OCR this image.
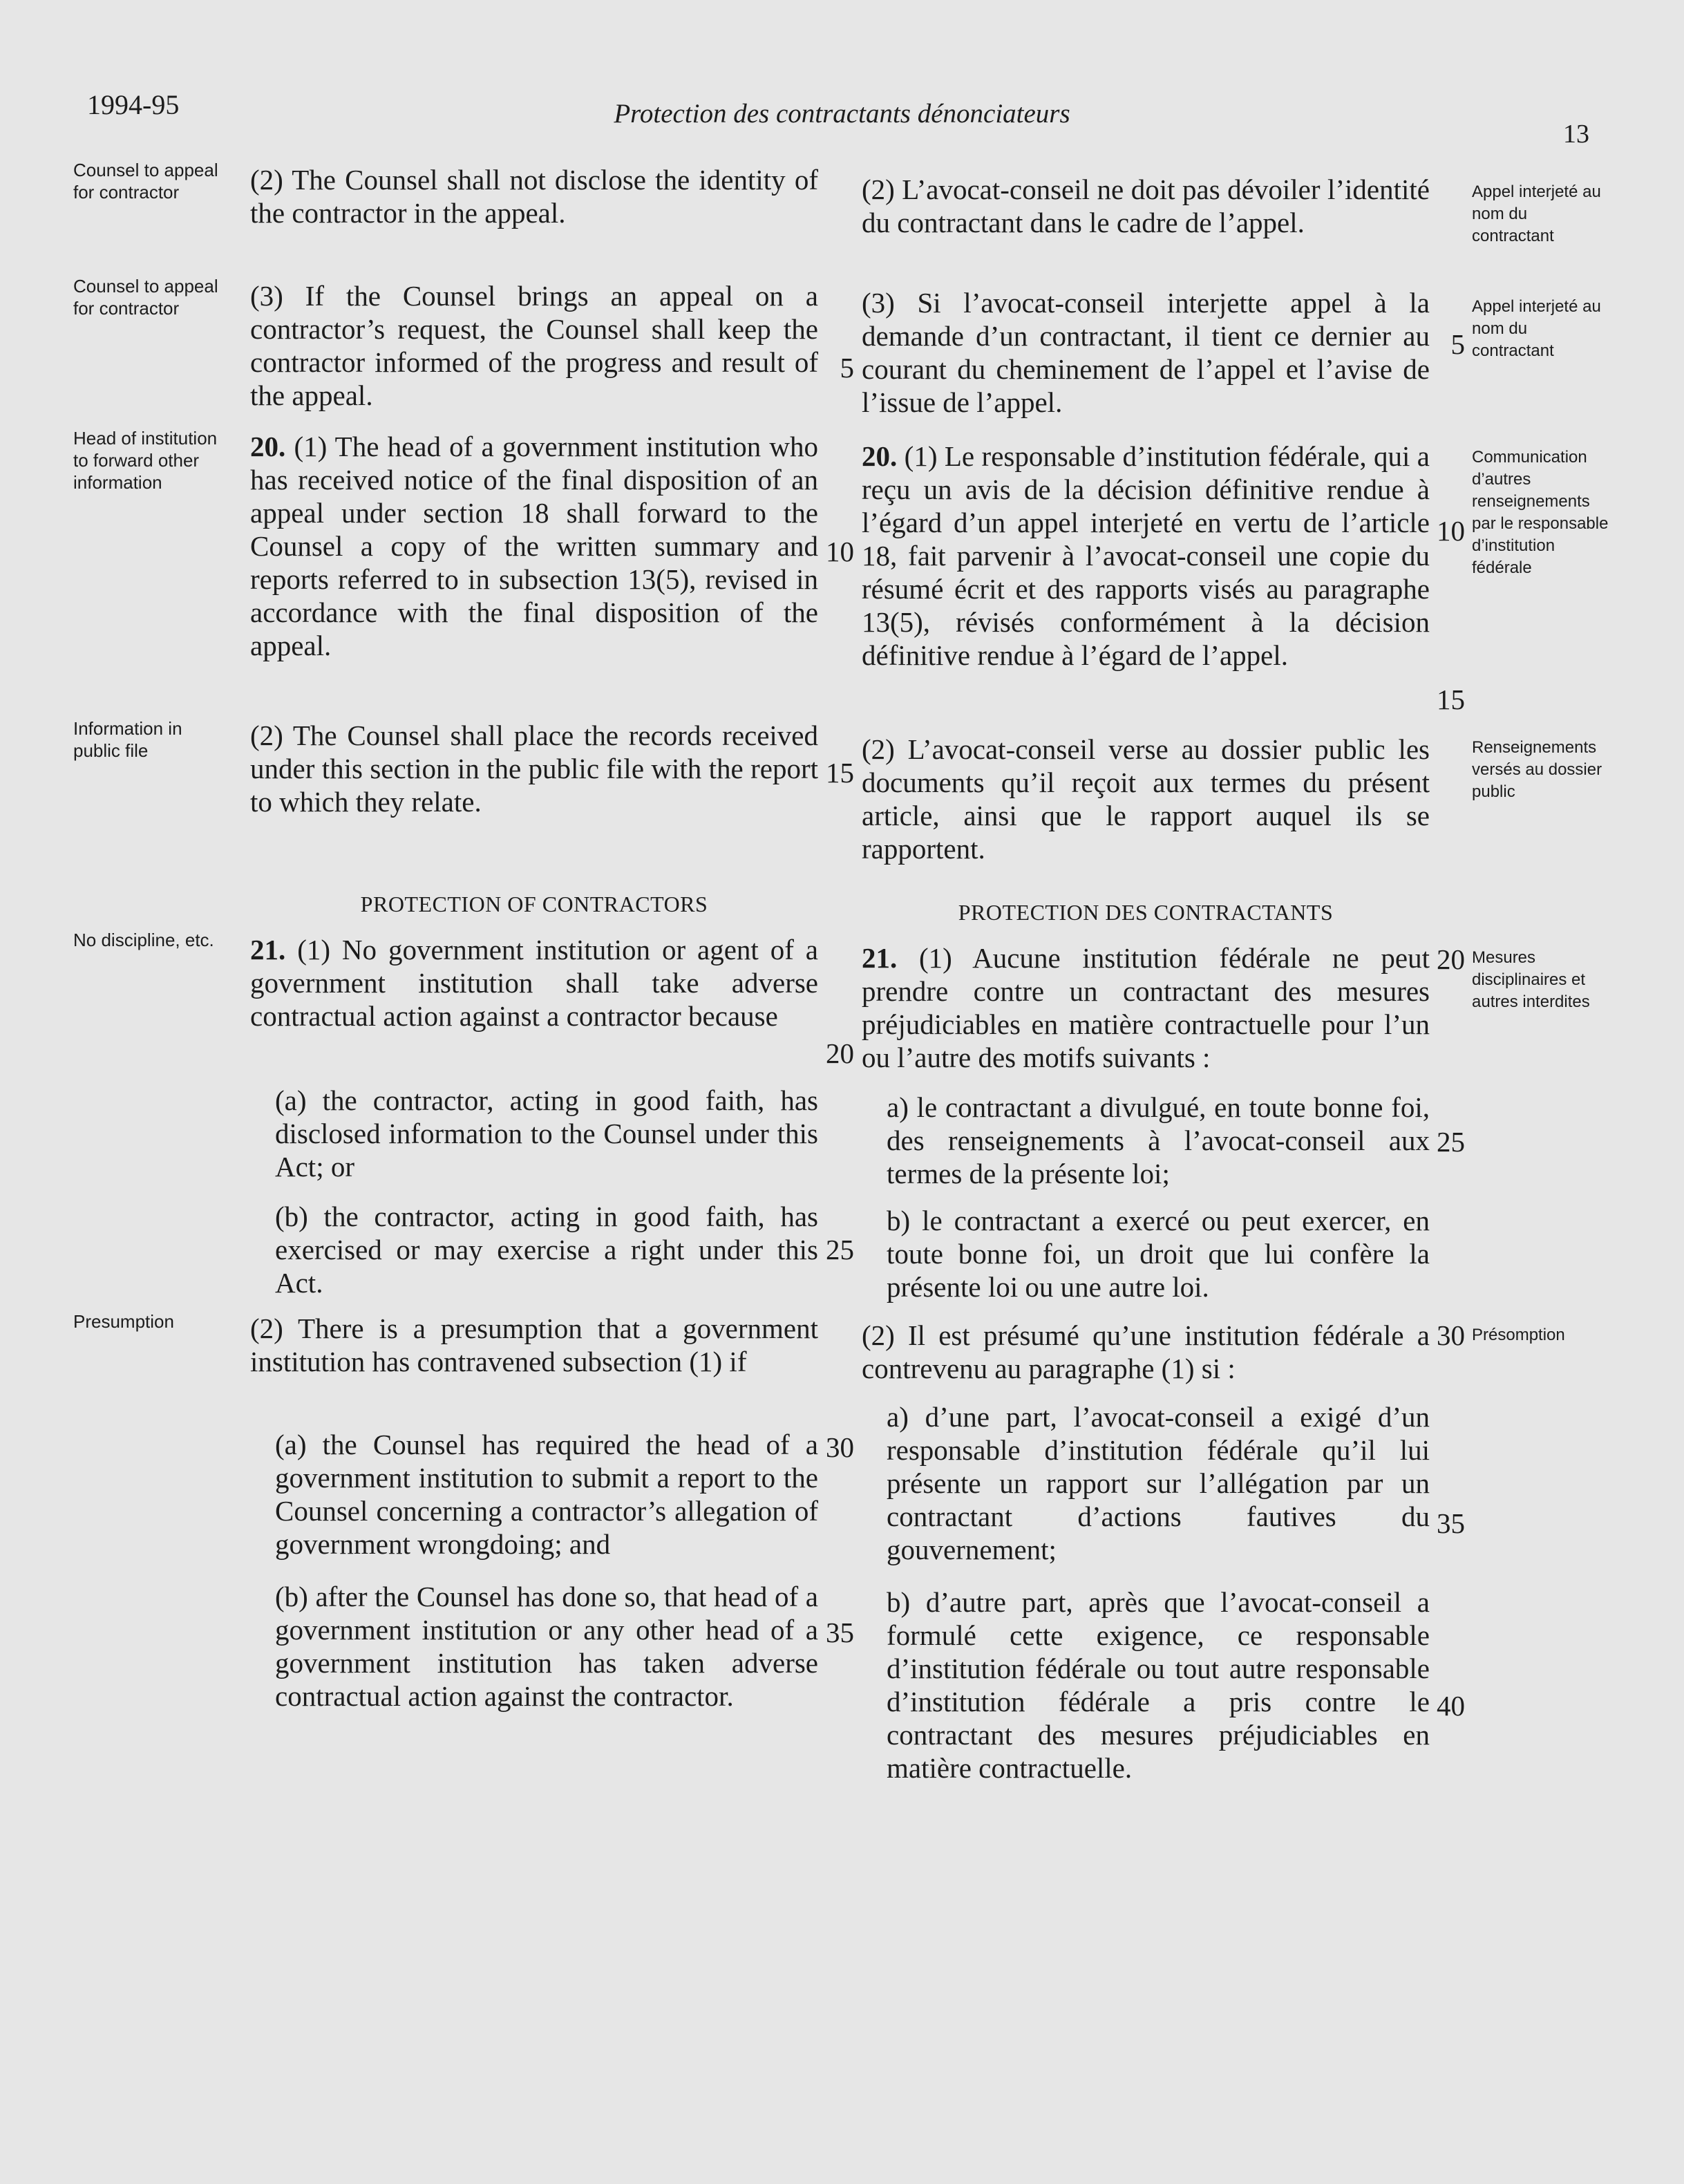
1994-95	Protection des contractants dénonciateurs
13
Counsel to appeal for contractor
Counsel to appeal for contractor
Head of institution to forward other information
Information in public file
No discipline, etc.
Presumption
Appel interjeté au nom du contractant
Appel interjeté au nom du contractant
Communication d’autres renseignements par le responsable d’institution fédérale
Renseignements versés au dossier public
Mesures disciplinaires et autres interdites
Présomption
(2) The Counsel shall not disclose the identity of the contractor in the appeal.
(3) If the Counsel brings an appeal on a contractor’s request, the Counsel shall keep the contractor informed of the progress and result of the appeal.
20. (1) The head of a government institution who has received notice of the final disposition of an appeal under section 18 shall forward to the Counsel a copy of the written summary and reports referred to in subsection 13(5), revised in accordance with the final disposition of the appeal.
(2) The Counsel shall place the records received under this section in the public file with the report to which they relate.
PROTECTION OF CONTRACTORS
21. (1) No government institution or agent of a government institution shall take adverse contractual action against a contractor because
(a) the contractor, acting in good faith, has disclosed information to the Counsel under this Act; or
(b) the contractor, acting in good faith, has exercised or may exercise a right under this Act.
(2) There is a presumption that a government institution has contravened subsection (1) if
(a) the Counsel has required the head of a government institution to submit a report to the Counsel concerning a contractor’s allegation of government wrongdoing; and
(b) after the Counsel has done so, that head of a government institution or any other head of a government institution has taken adverse contractual action against the contractor.
5
10
15
20
25
30
35
(2) L’avocat-conseil ne doit pas dévoiler l’identité du contractant dans le cadre de l’appel.
(3) Si l’avocat-conseil interjette appel à la demande d’un contractant, il tient ce dernier au courant du cheminement de l’appel et l’avise de l’issue de l’appel.
20. (1) Le responsable d’institution fédérale, qui a reçu un avis de la décision définitive rendue à l’égard d’un appel interjeté en vertu de l’article 18, fait parvenir à l’avocat-conseil une copie du résumé écrit et des rapports visés au paragraphe 13(5), révisés conformément à la décision définitive rendue à l’égard de l’appel.
(2) L’avocat-conseil verse au dossier public les documents qu’il reçoit aux termes du présent article, ainsi que le rapport auquel ils se rapportent.
PROTECTION DES CONTRACTANTS
21. (1) Aucune institution fédérale ne peut prendre contre un contractant des mesures préjudiciables en matière contractuelle pour l’un ou l’autre des motifs suivants :
a) le contractant a divulgué, en toute bonne foi, des renseignements à l’avocat-conseil aux termes de la présente loi;
b) le contractant a exercé ou peut exercer, en toute bonne foi, un droit que lui confère la présente loi ou une autre loi.
(2) Il est présumé qu’une institution fédérale a contrevenu au paragraphe (1) si :
a) d’une part, l’avocat-conseil a exigé d’un responsable d’institution fédérale qu’il lui présente un rapport sur l’allégation par un contractant d’actions fautives du gouvernement;
b) d’autre part, après que l’avocat-conseil a formulé cette exigence, ce responsable d’institution fédérale ou tout autre responsable d’institution fédérale a pris contre le contractant des mesures préjudiciables en matière contractuelle.
5
10
15
20
25
30
35
40
